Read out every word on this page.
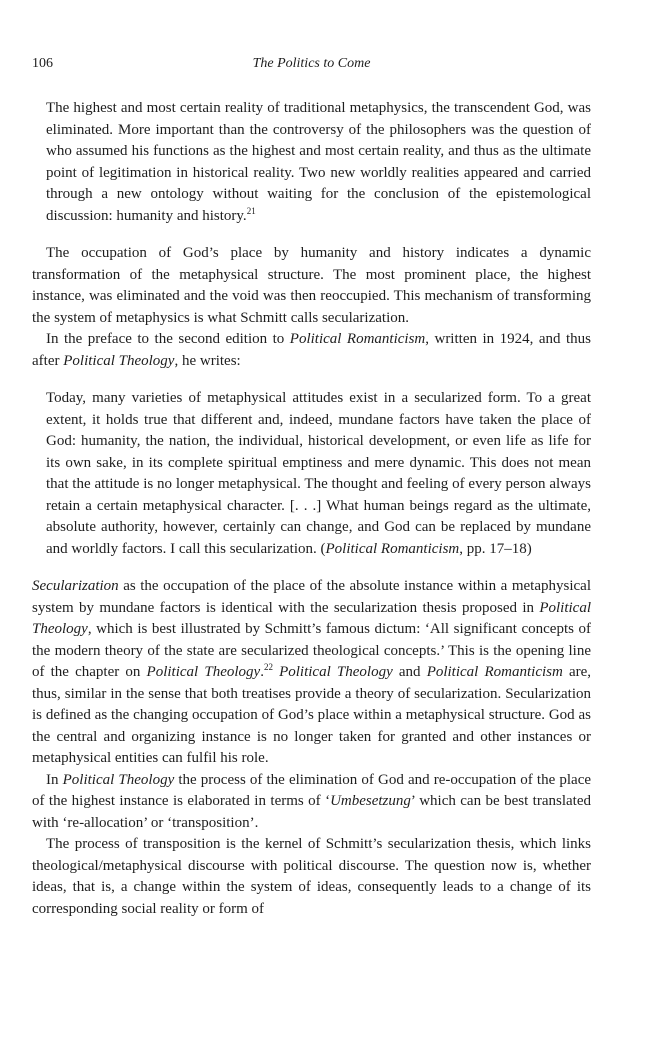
106	The Politics to Come

The highest and most certain reality of traditional metaphysics, the transcendent God, was eliminated. More important than the controversy of the philosophers was the question of who assumed his functions as the highest and most certain reality, and thus as the ultimate point of legitimation in historical reality. Two new worldly realities appeared and carried through a new ontology without waiting for the conclusion of the epistemological discussion: humanity and history.$^{21}$

The occupation of God’s place by humanity and history indicates a dynamic transformation of the metaphysical structure. The most prominent place, the highest instance, was eliminated and the void was then reoccupied. This mechanism of transforming the system of metaphysics is what Schmitt calls secularization.

In the preface to the second edition to Political Romanticism, written in 1924, and thus after Political Theology, he writes:

Today, many varieties of metaphysical attitudes exist in a secularized form. To a great extent, it holds true that different and, indeed, mundane factors have taken the place of God: humanity, the nation, the individual, historical development, or even life as life for its own sake, in its complete spiritual emptiness and mere dynamic. This does not mean that the attitude is no longer metaphysical. The thought and feeling of every person always retain a certain metaphysical character. [. . .] What human beings regard as the ultimate, absolute authority, however, certainly can change, and God can be replaced by mundane and worldly factors. I call this secularization. (Political Romanticism, pp. 17–18)

Secularization as the occupation of the place of the absolute instance within a metaphysical system by mundane factors is identical with the secularization thesis proposed in Political Theology, which is best illustrated by Schmitt’s famous dictum: ‘All significant concepts of the modern theory of the state are secularized theological concepts.’ This is the opening line of the chapter on Political Theology.$^{22}$ Political Theology and Political Romanticism are, thus, similar in the sense that both treatises provide a theory of secularization. Secularization is defined as the changing occupation of God’s place within a metaphysical structure. God as the central and organizing instance is no longer taken for granted and other instances or metaphysical entities can fulfil his role.

In Political Theology the process of the elimination of God and re-occupation of the place of the highest instance is elaborated in terms of ‘Umbesetzung’ which can be best translated with ‘re-allocation’ or ‘transposition’.

The process of transposition is the kernel of Schmitt’s secularization thesis, which links theological/metaphysical discourse with political discourse. The question now is, whether ideas, that is, a change within the system of ideas, consequently leads to a change of its corresponding social reality or form of
